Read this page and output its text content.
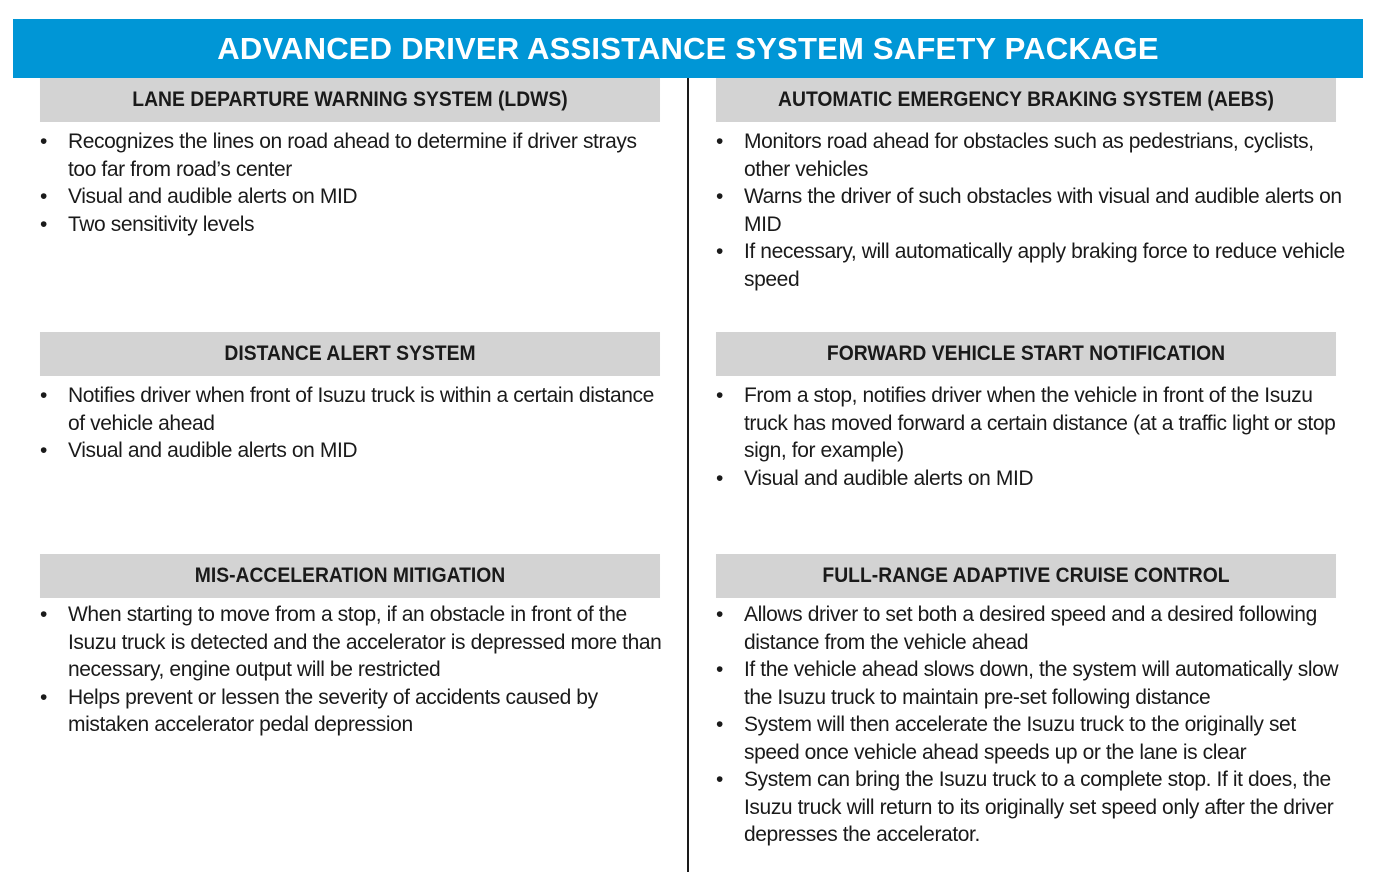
ADVANCED DRIVER ASSISTANCE SYSTEM SAFETY PACKAGE
LANE DEPARTURE WARNING SYSTEM (LDWS)	AUTOMATIC EMERGENCY BRAKING SYSTEM (AEBS)
• Recognizes the lines on road ahead to determine if driver strays too far from road’s center
• Visual and audible alerts on MID
• Two sensitivity levels
• Monitors road ahead for obstacles such as pedestrians, cyclists, other vehicles
• Warns the driver of such obstacles with visual and audible alerts on MID
• If necessary, will automatically apply braking force to reduce vehicle speed
DISTANCE ALERT SYSTEM	FORWARD VEHICLE START NOTIFICATION
• Notifies driver when front of Isuzu truck is within a certain distance of vehicle ahead
• Visual and audible alerts on MID
• From a stop, notifies driver when the vehicle in front of the Isuzu truck has moved forward a certain distance (at a traffic light or stop sign, for example)
• Visual and audible alerts on MID
MIS-ACCELERATION MITIGATION	FULL-RANGE ADAPTIVE CRUISE CONTROL
• When starting to move from a stop, if an obstacle in front of the Isuzu truck is detected and the accelerator is depressed more than necessary, engine output will be restricted
• Helps prevent or lessen the severity of accidents caused by mistaken accelerator pedal depression
• Allows driver to set both a desired speed and a desired following distance from the vehicle ahead
• If the vehicle ahead slows down, the system will automatically slow the Isuzu truck to maintain pre-set following distance
• System will then accelerate the Isuzu truck to the originally set speed once vehicle ahead speeds up or the lane is clear
• System can bring the Isuzu truck to a complete stop. If it does, the Isuzu truck will return to its originally set speed only after the driver depresses the accelerator.
